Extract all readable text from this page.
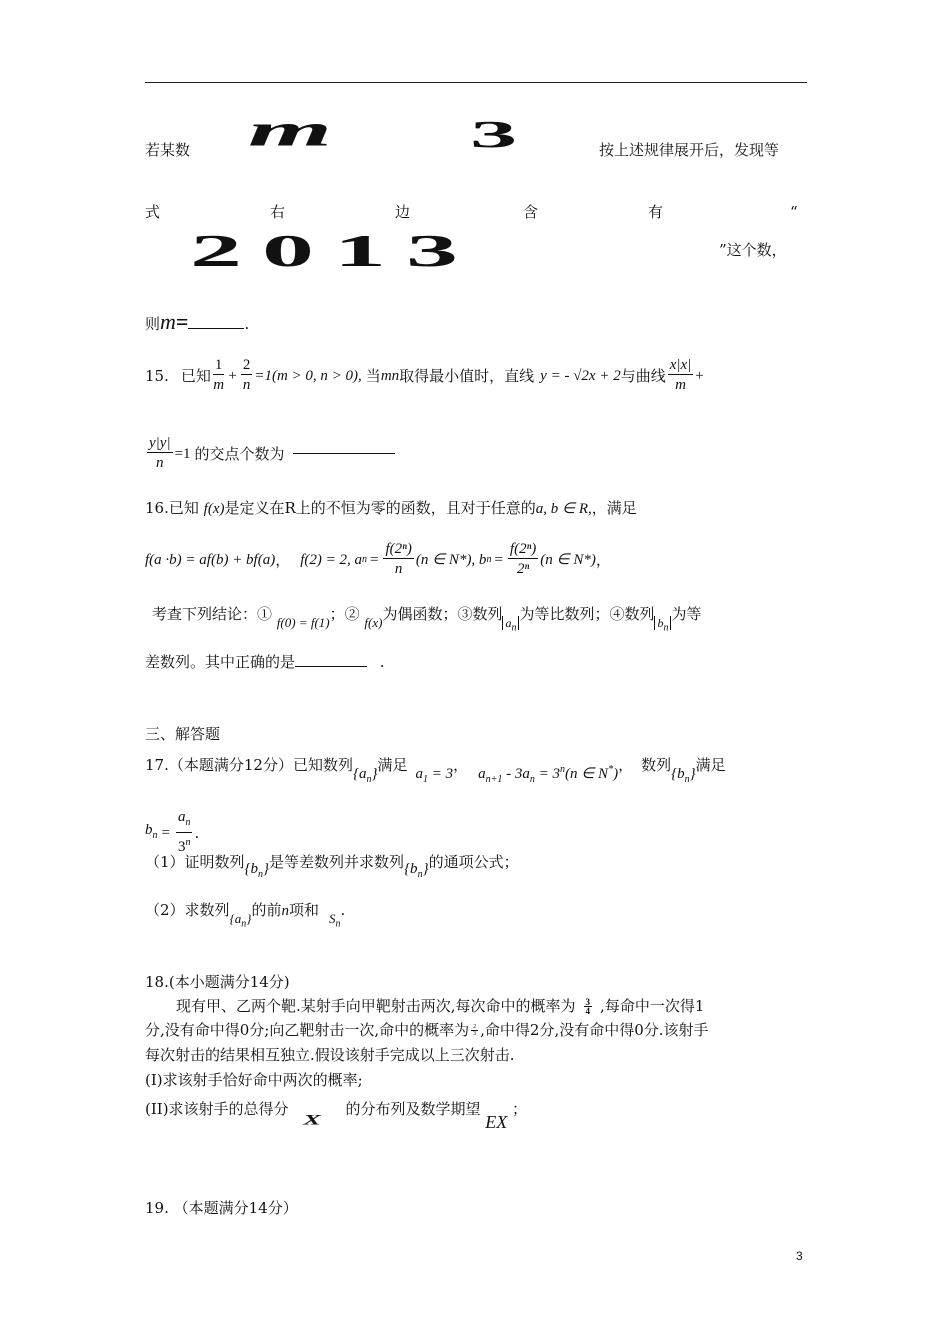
若某数 m 3	按上述规律展开后，发现等
式	右	边	含	有	“
2013	”这个数，
则m=	.
15. 已知 $\frac{1}{m} + \frac{2}{n} =1(m > 0$, n > 0), 当 mn 取得最小值时，直线 y = - √2x + 2 与曲线 $\frac{x|x|}{m}$ +
$\frac{y|y|}{n} =1$ 的交点个数为
16.已知 f(x)是定义在R上的不恒为零的函数，且对于任意的a, b ∈ R,，满足
f(a ·b) = af(b) + bf(a) ， f(2) = 2, a $n = \frac{\text{f(2ⁿ)}}{n} (n$ ∈ N*), b $n = \frac{\text{f(2ⁿ)}}{\text{2ⁿ}} (n$ ∈ N*) ，
考查下列结论：① f(0) = f(1)；② f(x)为偶函数；③数列 $_{a_n}$为等比数列；④数列 $_{b_n}$为等
差数列。其中正确的是	.
三、解答题
17.（本题满分12分）已知数列 $\{a_n\}$ 满足 $a_1 = 3$ ， $a_{n+1} - 3a_n = 3^n(n$ ∈ N*) ， 数列 $\{b_n\}$ 满足
$b_n = \frac{a_n}{3^n}$ .
（1）证明数列$\{b_n\}$是等差数列并求数列$\{b_n\}$的通项公式；
（2）求数列$\{a_n\}$的前n项和 $S_n$.
18.(本小题满分14分)
现有甲、乙两个靶.某射手向甲靶射击两次,每次命中的概率为 $\frac{3}{4}$ ,每命中一次得1
分,没有命中得0分;向乙靶射击一次,命中的概率为 $\frac{2}{3}$ ,命中得2分,没有命中得0分.该射手
每次射击的结果相互独立.假设该射手完成以上三次射击.
(I)求该射手恰好命中两次的概率;
(II)求该射手的总得分 X 的分布列及数学期望 EX ；
19. （本题满分14分）
3
